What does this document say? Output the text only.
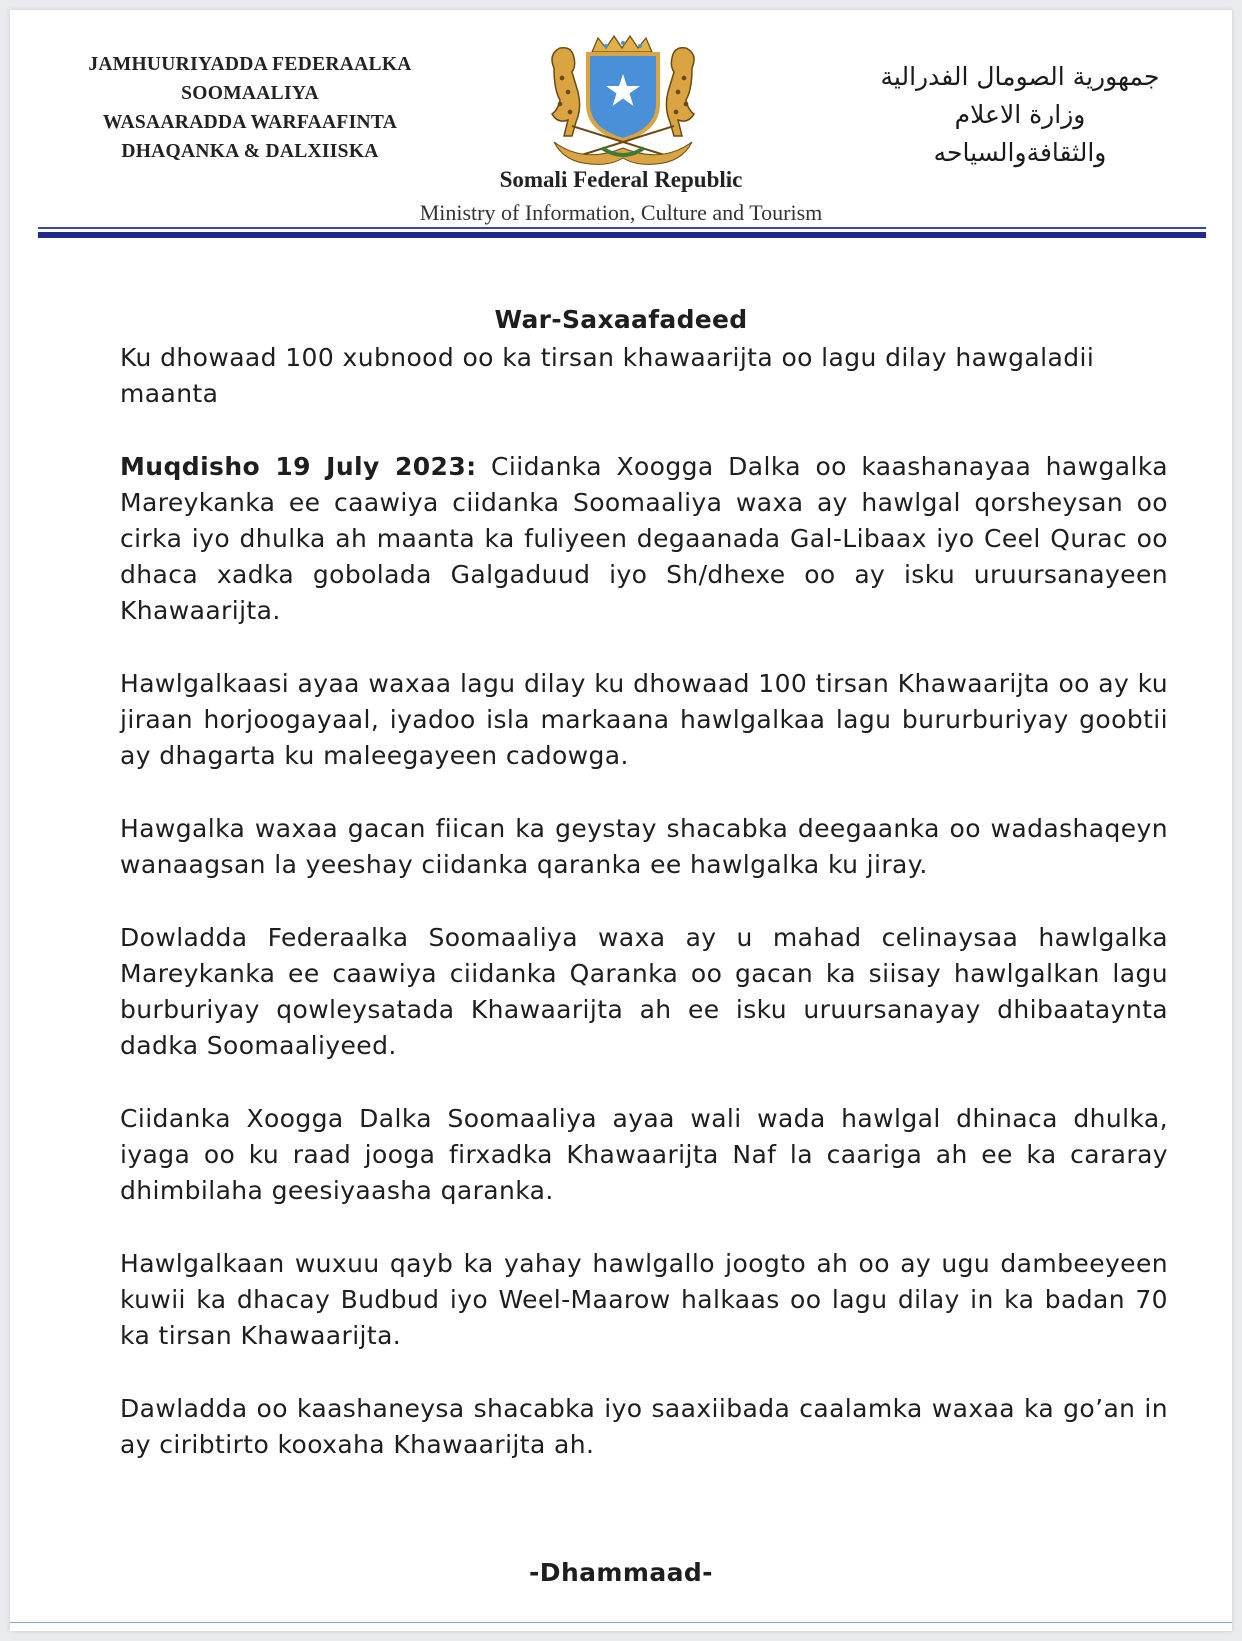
JAMHUURIYADDA FEDERAALKA
SOOMAALIYA
WASAARADDA WARFAAFINTA
DHAQANKA & DALXIISKA
جمهورية الصومال الفدرالية
وزارة الاعلام
والثقافةوالسياحه
Somali Federal Republic
Ministry of Information, Culture and Tourism
War-Saxaafadeed

Ku dhowaad 100 xubnood oo ka tirsan khawaarijta oo lagu dilay hawgaladii maanta

Muqdisho 19 July 2023: Ciidanka Xoogga Dalka oo kaashanayaa hawgalka Mareykanka ee caawiya ciidanka Soomaaliya waxa ay hawlgal qorsheysan oo cirka iyo dhulka ah maanta ka fuliyeen degaanada Gal-Libaax iyo Ceel Qurac oo dhaca xadka gobolada Galgaduud iyo Sh/dhexe oo ay isku uruursanayeen Khawaarijta.

Hawlgalkaasi ayaa waxaa lagu dilay ku dhowaad 100 tirsan Khawaarijta oo ay ku jiraan horjoogayaal, iyadoo isla markaana hawlgalkaa lagu bururburiyay goobtii ay dhagarta ku maleegayeen cadowga.

Hawgalka waxaa gacan fiican ka geystay shacabka deegaanka oo wadashaqeyn wanaagsan la yeeshay ciidanka qaranka ee hawlgalka ku jiray.

Dowladda Federaalka Soomaaliya waxa ay u mahad celinaysaa hawlgalka Mareykanka ee caawiya ciidanka Qaranka oo gacan ka siisay hawlgalkan lagu burburiyay qowleysatada Khawaarijta ah ee isku uruursanayay dhibaataynta dadka Soomaaliyeed.

Ciidanka Xoogga Dalka Soomaaliya ayaa wali wada hawlgal dhinaca dhulka, iyaga oo ku raad jooga firxadka Khawaarijta Naf la caariga ah ee ka cararay dhimbilaha geesiyaasha qaranka.

Hawlgalkaan wuxuu qayb ka yahay hawlgallo joogto ah oo ay ugu dambeeyeen kuwii ka dhacay Budbud iyo Weel-Maarow halkaas oo lagu dilay in ka badan 70 ka tirsan Khawaarijta.

Dawladda oo kaashaneysa shacabka iyo saaxiibada caalamka waxaa ka go’an in ay ciribtirto kooxaha Khawaarijta ah.

-Dhammaad-
